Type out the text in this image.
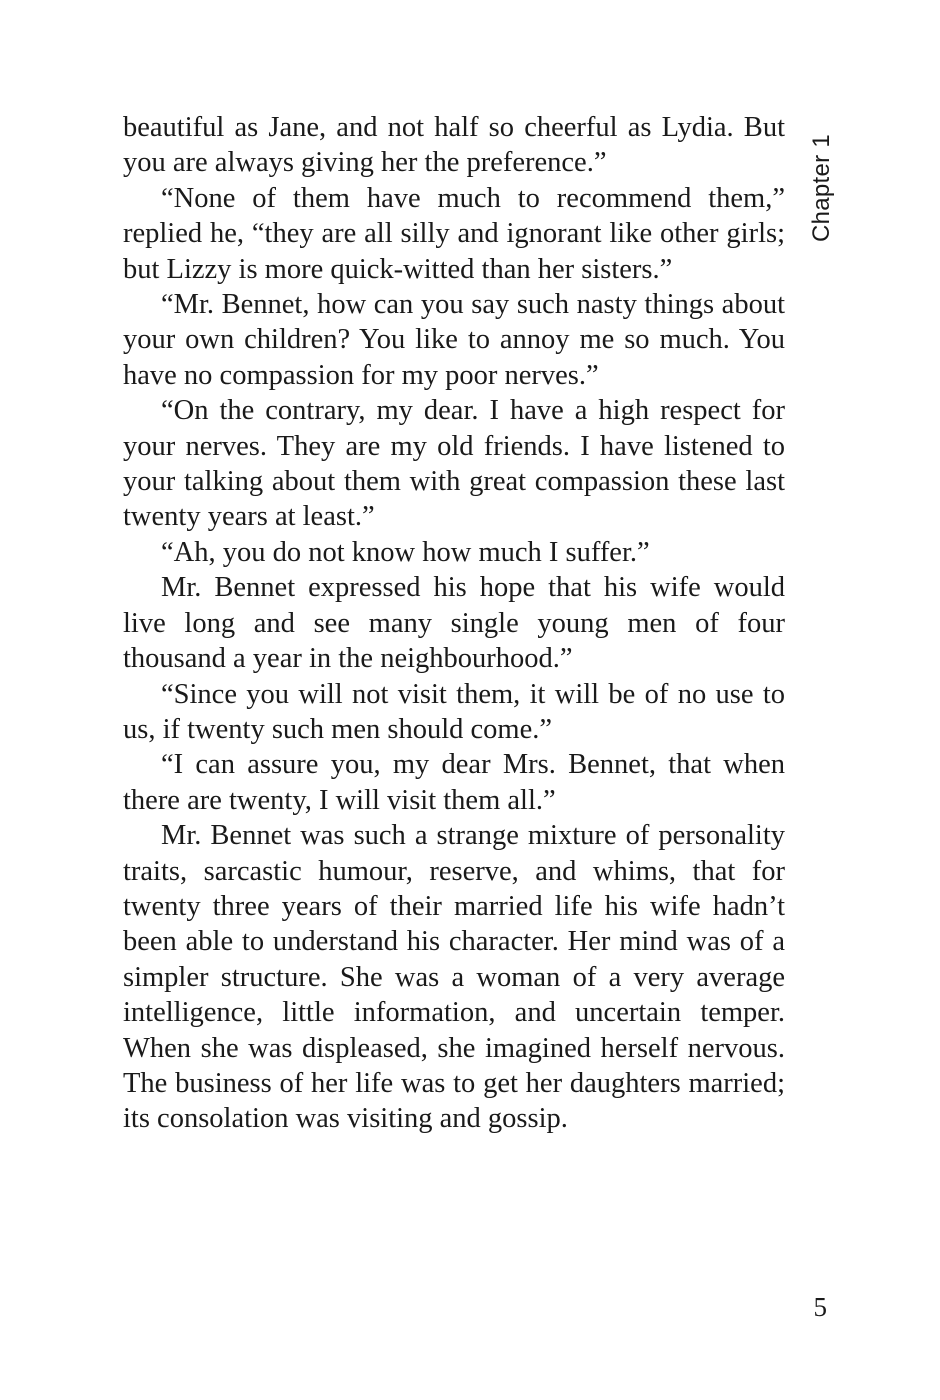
Chapter 1

beautiful as Jane, and not half so cheerful as Lydia. But you are always giving her the preference.”

“None of them have much to recommend them,” replied he, “they are all silly and ignorant like other girls; but Lizzy is more quick-witted than her sisters.”

“Mr. Bennet, how can you say such nasty things about your own children? You like to annoy me so much. You have no compassion for my poor nerves.”

“On the contrary, my dear. I have a high respect for your nerves. They are my old friends. I have listened to your talking about them with great compassion these last twenty years at least.”

“Ah, you do not know how much I suffer.”

Mr. Bennet expressed his hope that his wife would live long and see many single young men of four thousand a year in the neighbourhood.”

“Since you will not visit them, it will be of no use to us, if twenty such men should come.”

“I can assure you, my dear Mrs. Bennet, that when there are twenty, I will visit them all.”

Mr. Bennet was such a strange mixture of personality traits, sarcastic humour, reserve, and whims, that for twenty three years of their married life his wife hadn’t been able to understand his character. Her mind was of a simpler structure. She was a woman of a very average intelligence, little information, and uncertain temper. When she was displeased, she imagined herself nervous. The business of her life was to get her daughters married; its consolation was visiting and gossip.

5
